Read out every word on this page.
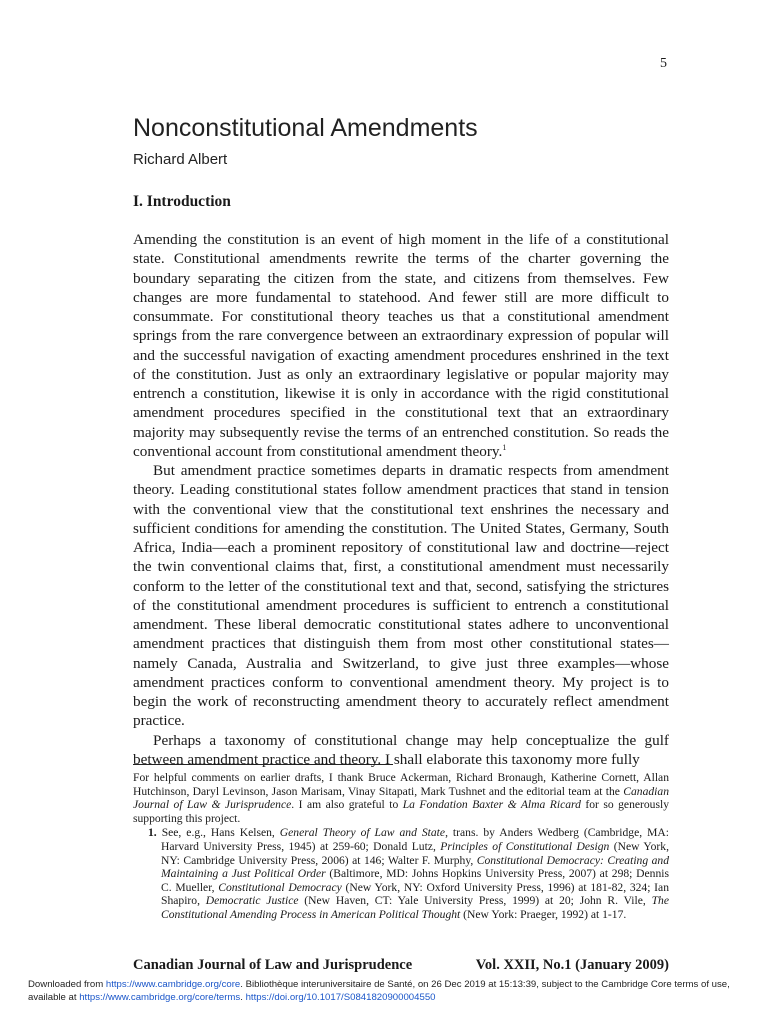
5
Nonconstitutional Amendments
Richard Albert
I. Introduction

Amending the constitution is an event of high moment in the life of a constitutional state. Constitutional amendments rewrite the terms of the charter governing the boundary separating the citizen from the state, and citizens from themselves. Few changes are more fundamental to statehood. And fewer still are more difficult to consummate. For constitutional theory teaches us that a constitutional amendment springs from the rare convergence between an extraordinary expression of popular will and the successful navigation of exacting amendment procedures enshrined in the text of the constitution. Just as only an extraordinary legislative or popular majority may entrench a constitution, likewise it is only in accordance with the rigid constitutional amendment procedures specified in the constitutional text that an extraordinary majority may subsequently revise the terms of an entrenched constitution. So reads the conventional account from constitutional amendment theory.$^1$

But amendment practice sometimes departs in dramatic respects from amendment theory. Leading constitutional states follow amendment practices that stand in tension with the conventional view that the constitutional text enshrines the necessary and sufficient conditions for amending the constitution. The United States, Germany, South Africa, India—each a prominent repository of constitutional law and doctrine—reject the twin conventional claims that, first, a constitutional amendment must necessarily conform to the letter of the constitutional text and that, second, satisfying the strictures of the constitutional amendment procedures is sufficient to entrench a constitutional amendment. These liberal democratic constitutional states adhere to unconventional amendment practices that distinguish them from most other constitutional states—namely Canada, Australia and Switzerland, to give just three examples—whose amendment practices conform to conventional amendment theory. My project is to begin the work of reconstructing amendment theory to accurately reflect amendment practice.

Perhaps a taxonomy of constitutional change may help conceptualize the gulf between amendment practice and theory. I shall elaborate this taxonomy more fully

For helpful comments on earlier drafts, I thank Bruce Ackerman, Richard Bronaugh, Katherine Cornett, Allan Hutchinson, Daryl Levinson, Jason Marisam, Vinay Sitapati, Mark Tushnet and the editorial team at the Canadian Journal of Law & Jurisprudence. I am also grateful to La Fondation Baxter & Alma Ricard for so generously supporting this project.

1. See, e.g., Hans Kelsen, General Theory of Law and State, trans. by Anders Wedberg (Cambridge, MA: Harvard University Press, 1945) at 259-60; Donald Lutz, Principles of Constitutional Design (New York, NY: Cambridge University Press, 2006) at 146; Walter F. Murphy, Constitutional Democracy: Creating and Maintaining a Just Political Order (Baltimore, MD: Johns Hopkins University Press, 2007) at 298; Dennis C. Mueller, Constitutional Democracy (New York, NY: Oxford University Press, 1996) at 181-82, 324; Ian Shapiro, Democratic Justice (New Haven, CT: Yale University Press, 1999) at 20; John R. Vile, The Constitutional Amending Process in American Political Thought (New York: Praeger, 1992) at 1-17.

Canadian Journal of Law and Jurisprudence	Vol. XXII, No.1 (January 2009)
Downloaded from https://www.cambridge.org/core. Bibliothèque interuniversitaire de Santé, on 26 Dec 2019 at 15:13:39, subject to the Cambridge Core terms of use, available at https://www.cambridge.org/core/terms. https://doi.org/10.1017/S0841820900004550
